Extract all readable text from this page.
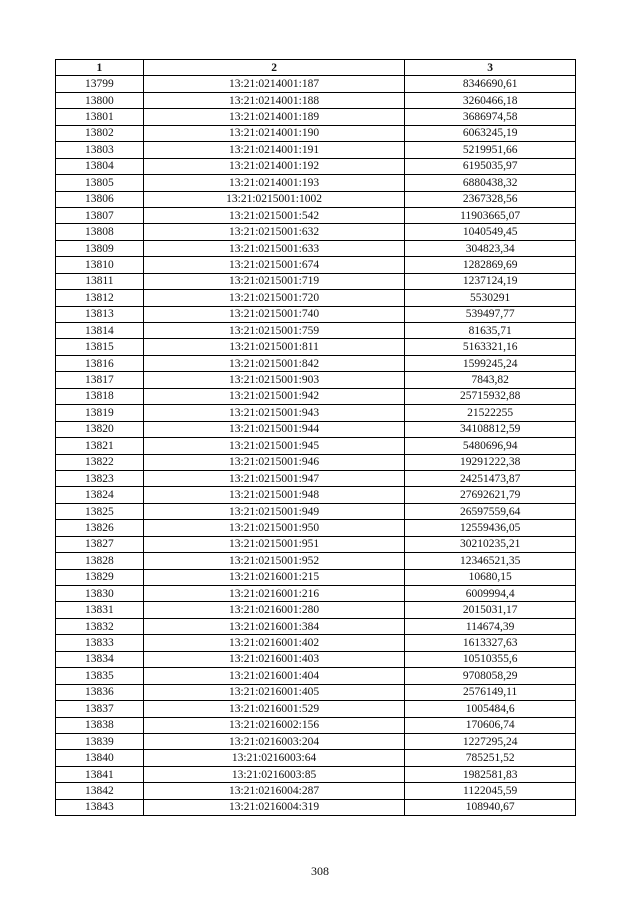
1	2	3
13799	13:21:0214001:187	8346690,61
13800	13:21:0214001:188	3260466,18
13801	13:21:0214001:189	3686974,58
13802	13:21:0214001:190	6063245,19
13803	13:21:0214001:191	5219951,66
13804	13:21:0214001:192	6195035,97
13805	13:21:0214001:193	6880438,32
13806	13:21:0215001:1002	2367328,56
13807	13:21:0215001:542	11903665,07
13808	13:21:0215001:632	1040549,45
13809	13:21:0215001:633	304823,34
13810	13:21:0215001:674	1282869,69
13811	13:21:0215001:719	1237124,19
13812	13:21:0215001:720	5530291
13813	13:21:0215001:740	539497,77
13814	13:21:0215001:759	81635,71
13815	13:21:0215001:811	5163321,16
13816	13:21:0215001:842	1599245,24
13817	13:21:0215001:903	7843,82
13818	13:21:0215001:942	25715932,88
13819	13:21:0215001:943	21522255
13820	13:21:0215001:944	34108812,59
13821	13:21:0215001:945	5480696,94
13822	13:21:0215001:946	19291222,38
13823	13:21:0215001:947	24251473,87
13824	13:21:0215001:948	27692621,79
13825	13:21:0215001:949	26597559,64
13826	13:21:0215001:950	12559436,05
13827	13:21:0215001:951	30210235,21
13828	13:21:0215001:952	12346521,35
13829	13:21:0216001:215	10680,15
13830	13:21:0216001:216	6009994,4
13831	13:21:0216001:280	2015031,17
13832	13:21:0216001:384	114674,39
13833	13:21:0216001:402	1613327,63
13834	13:21:0216001:403	10510355,6
13835	13:21:0216001:404	9708058,29
13836	13:21:0216001:405	2576149,11
13837	13:21:0216001:529	1005484,6
13838	13:21:0216002:156	170606,74
13839	13:21:0216003:204	1227295,24
13840	13:21:0216003:64	785251,52
13841	13:21:0216003:85	1982581,83
13842	13:21:0216004:287	1122045,59
13843	13:21:0216004:319	108940,67
308
